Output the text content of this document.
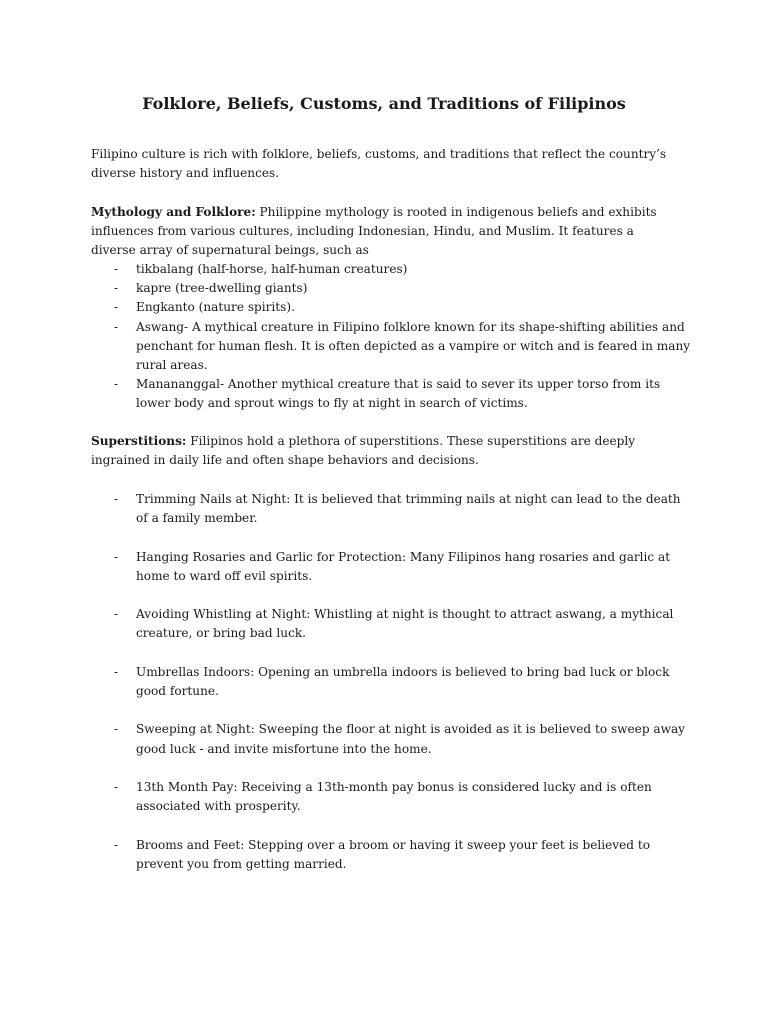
Folklore, Beliefs, Customs, and Traditions of Filipinos

Filipino culture is rich with folklore, beliefs, customs, and traditions that reflect the country’s diverse history and influences.

Mythology and Folklore: Philippine mythology is rooted in indigenous beliefs and exhibits influences from various cultures, including Indonesian, Hindu, and Muslim. It features a diverse array of supernatural beings, such as

- tikbalang (half-horse, half-human creatures)
- kapre (tree-dwelling giants)
- Engkanto (nature spirits).
- Aswang- A mythical creature in Filipino folklore known for its shape-shifting abilities and penchant for human flesh. It is often depicted as a vampire or witch and is feared in many rural areas.
- Manananggal- Another mythical creature that is said to sever its upper torso from its lower body and sprout wings to fly at night in search of victims.

Superstitions: Filipinos hold a plethora of superstitions. These superstitions are deeply ingrained in daily life and often shape behaviors and decisions.

- Trimming Nails at Night: It is believed that trimming nails at night can lead to the death of a family member.
- Hanging Rosaries and Garlic for Protection: Many Filipinos hang rosaries and garlic at home to ward off evil spirits.
- Avoiding Whistling at Night: Whistling at night is thought to attract aswang, a mythical creature, or bring bad luck.
- Umbrellas Indoors: Opening an umbrella indoors is believed to bring bad luck or block good fortune.
- Sweeping at Night: Sweeping the floor at night is avoided as it is believed to sweep away good luck - and invite misfortune into the home.
- 13th Month Pay: Receiving a 13th-month pay bonus is considered lucky and is often associated with prosperity.
- Brooms and Feet: Stepping over a broom or having it sweep your feet is believed to prevent you from getting married.
